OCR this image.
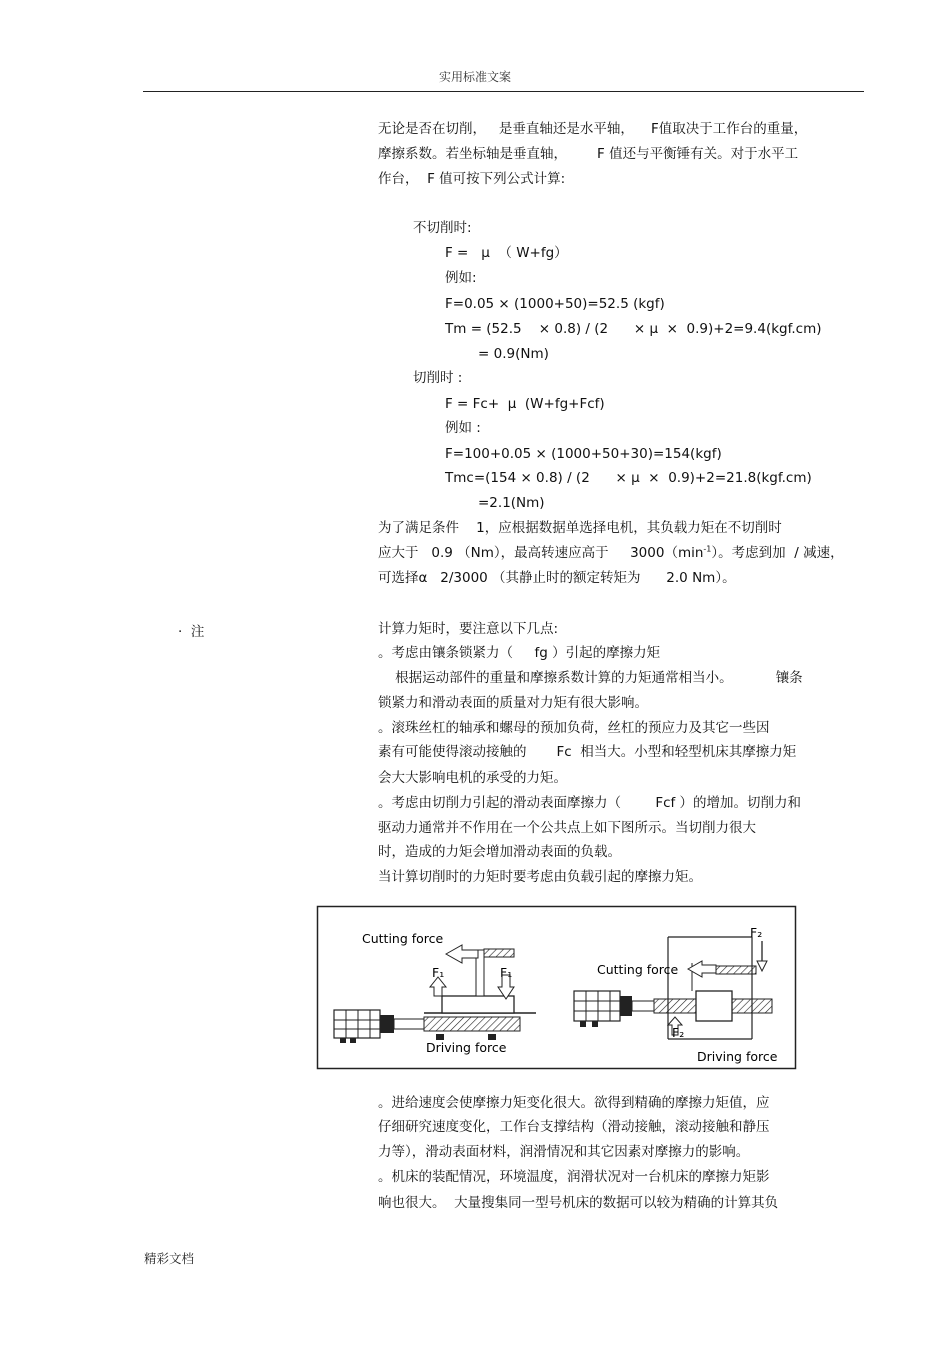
实用标准文案
无论是否在切削，   是垂直轴还是水平轴，    F值取决于工作台的重量，
摩擦系数。若坐标轴是垂直轴，       F 值还与平衡锤有关。对于水平工
作台，  F 值可按下列公式计算:
不切削时:
F =   μ  （ W+fg）
例如:
F=0.05 × (1000+50)=52.5 (kgf)
Tm = (52.5    × 0.8) / (2      × μ  ×  0.9)+2=9.4(kgf.cm)
= 0.9(Nm)
切削时 :
F = Fc+  μ  (W+fg+Fcf)
例如 :
F=100+0.05 × (1000+50+30)=154(kgf)
Tmc=(154 × 0.8) / (2      × μ  ×  0.9)+2=21.8(kgf.cm)
=2.1(Nm)
为了满足条件    1，应根据数据单选择电机，其负载力矩在不切削时
应大于   0.9 （Nm），最高转速应高于     $3000(\min^{-1})$。考虑到加  / 减速，
可选择α   2/3000 （其静止时的额定转矩为      2.0 Nm）。
·  注	计算力矩时，要注意以下几点:
。考虑由镶条锁紧力（     fg ）引起的摩擦力矩
根据运动部件的重量和摩擦系数计算的力矩通常相当小。          镶条
锁紧力和滑动表面的质量对力矩有很大影响。
。滚珠丝杠的轴承和螺母的预加负荷，丝杠的预应力及其它一些因
素有可能使得滚动接触的       Fc  相当大。小型和轻型机床其摩擦力矩
会大大影响电机的承受的力矩。
。考虑由切削力引起的滑动表面摩擦力（        Fcf ）的增加。切削力和
驱动力通常并不作用在一个公共点上如下图所示。当切削力很大
时，造成的力矩会增加滑动表面的负载。
当计算切削时的力矩时要考虑由负载引起的摩擦力矩。
Cutting force
F₁	F₁
Driving force
F₂
Cutting force
F₂
Driving force
。进给速度会使摩擦力矩变化很大。欲得到精确的摩擦力矩值，应
仔细研究速度变化，工作台支撑结构（滑动接触，滚动接触和静压
力等），滑动表面材料，润滑情况和其它因素对摩擦力的影响。
。机床的装配情况，环境温度，润滑状况对一台机床的摩擦力矩影
响也很大。  大量搜集同一型号机床的数据可以较为精确的计算其负
精彩文档
